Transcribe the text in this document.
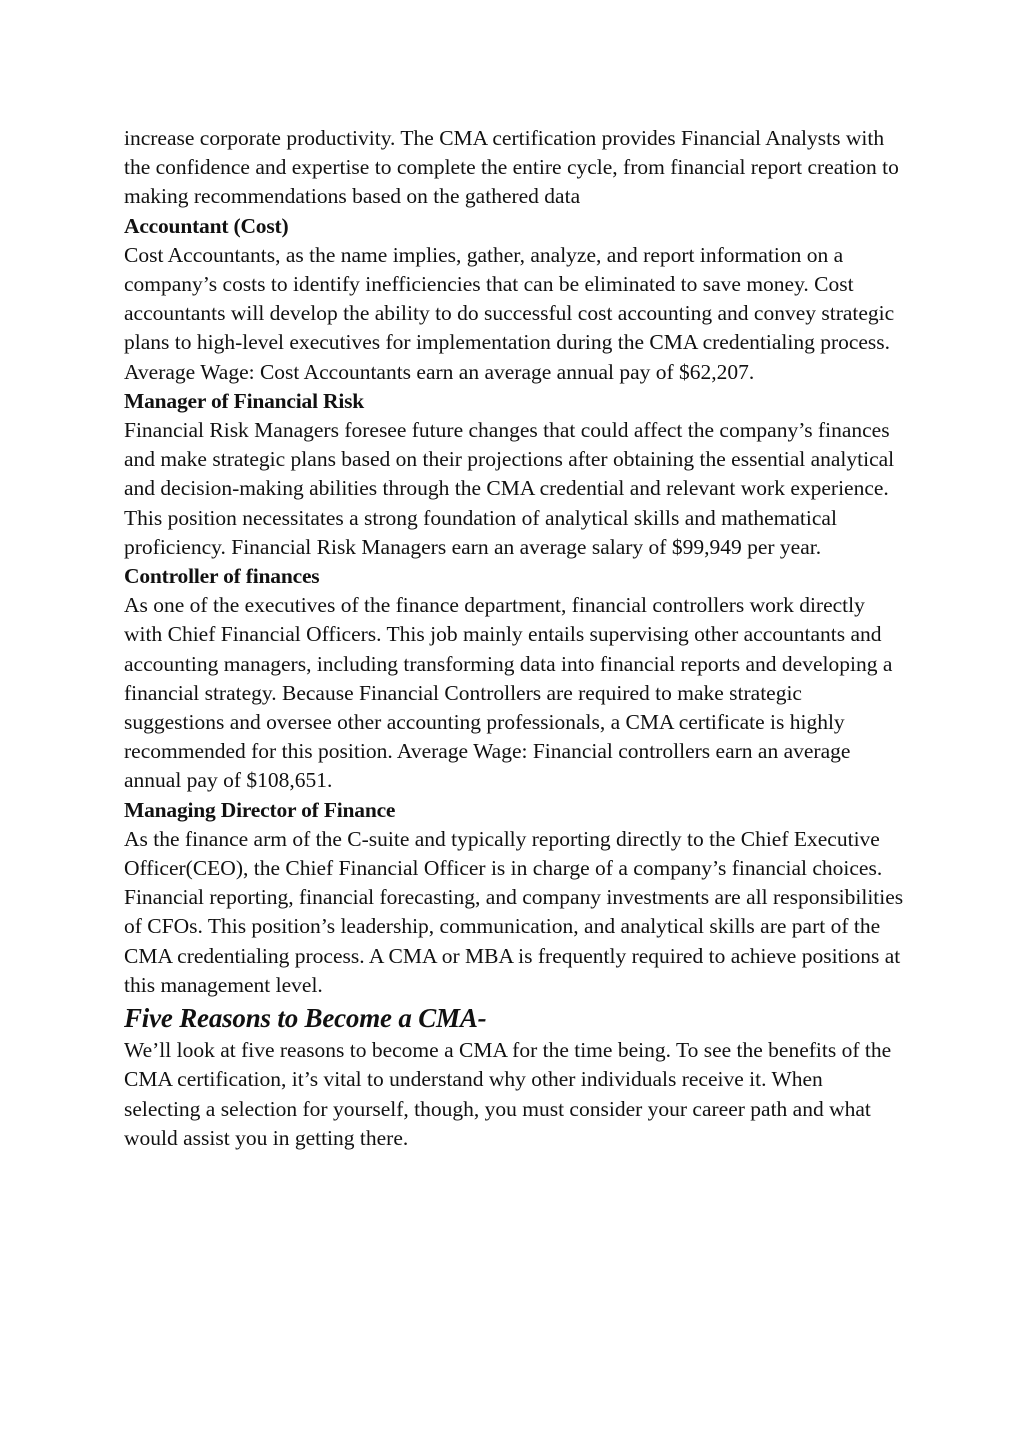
increase corporate productivity. The CMA certification provides Financial Analysts with the confidence and expertise to complete the entire cycle, from financial report creation to making recommendations based on the gathered data

Accountant (Cost)

Cost Accountants, as the name implies, gather, analyze, and report information on a company’s costs to identify inefficiencies that can be eliminated to save money. Cost accountants will develop the ability to do successful cost accounting and convey strategic plans to high-level executives for implementation during the CMA credentialing process. Average Wage: Cost Accountants earn an average annual pay of $62,207.

Manager of Financial Risk

Financial Risk Managers foresee future changes that could affect the company’s finances and make strategic plans based on their projections after obtaining the essential analytical and decision-making abilities through the CMA credential and relevant work experience. This position necessitates a strong foundation of analytical skills and mathematical proficiency. Financial Risk Managers earn an average salary of $99,949 per year.

Controller of finances

As one of the executives of the finance department, financial controllers work directly with Chief Financial Officers. This job mainly entails supervising other accountants and accounting managers, including transforming data into financial reports and developing a financial strategy. Because Financial Controllers are required to make strategic suggestions and oversee other accounting professionals, a CMA certificate is highly recommended for this position. Average Wage: Financial controllers earn an average annual pay of $108,651.

Managing Director of Finance

As the finance arm of the C-suite and typically reporting directly to the Chief Executive Officer(CEO), the Chief Financial Officer is in charge of a company’s financial choices. Financial reporting, financial forecasting, and company investments are all responsibilities of CFOs. This position’s leadership, communication, and analytical skills are part of the CMA credentialing process. A CMA or MBA is frequently required to achieve positions at this management level.

Five Reasons to Become a CMA-

We’ll look at five reasons to become a CMA for the time being. To see the benefits of the CMA certification, it’s vital to understand why other individuals receive it. When selecting a selection for yourself, though, you must consider your career path and what would assist you in getting there.
